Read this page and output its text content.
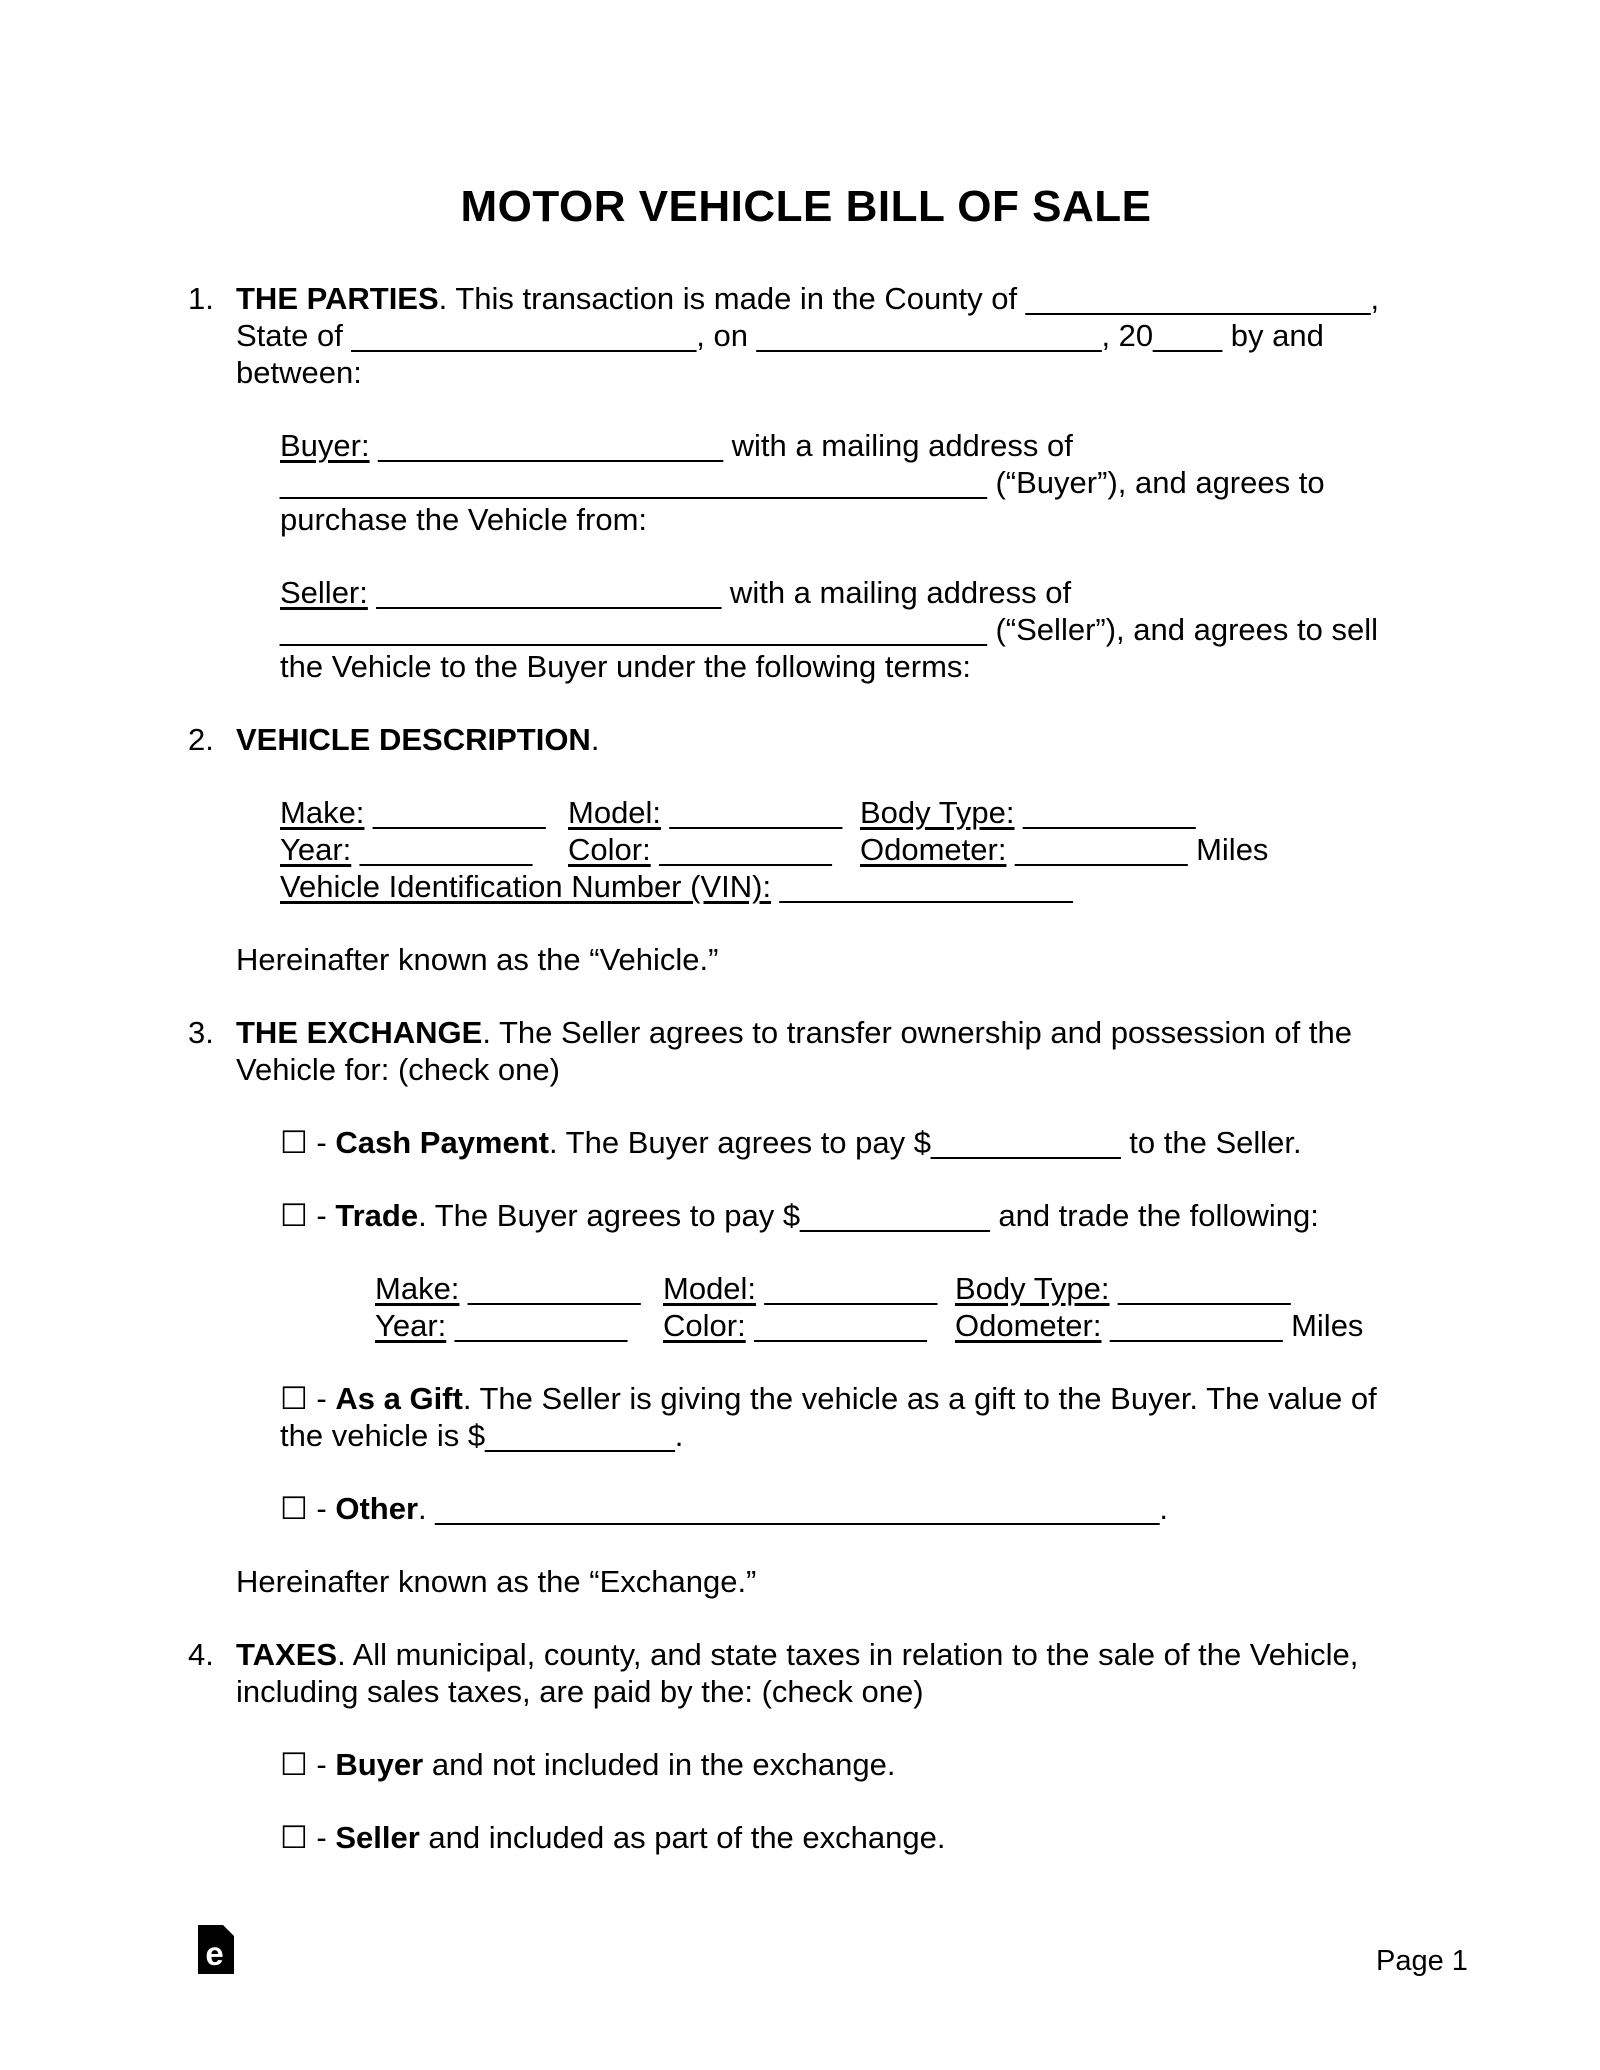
MOTOR VEHICLE BILL OF SALE
1. THE PARTIES. This transaction is made in the County of ____________________,
State of ____________________, on ____________________, 20____ by and
between:
Buyer: ____________________ with a mailing address of
_________________________________________ (“Buyer”), and agrees to
purchase the Vehicle from:
Seller: ____________________ with a mailing address of
_________________________________________ (“Seller”), and agrees to sell
the Vehicle to the Buyer under the following terms:
2. VEHICLE DESCRIPTION.
Make: __________ Model: __________ Body Type: __________
Year: __________ Color: __________ Odometer: __________ Miles
Vehicle Identification Number (VIN): _________________
Hereinafter known as the “Vehicle.”
3. THE EXCHANGE. The Seller agrees to transfer ownership and possession of the
Vehicle for: (check one)
☐ - Cash Payment. The Buyer agrees to pay $___________ to the Seller.
☐ - Trade. The Buyer agrees to pay $___________ and trade the following:
Make: __________ Model: __________ Body Type: __________
Year: __________ Color: __________ Odometer: __________ Miles
☐ - As a Gift. The Seller is giving the vehicle as a gift to the Buyer. The value of
the vehicle is $___________.
☐ - Other. __________________________________________.
Hereinafter known as the “Exchange.”
4. TAXES. All municipal, county, and state taxes in relation to the sale of the Vehicle,
including sales taxes, are paid by the: (check one)
☐ - Buyer and not included in the exchange.
☐ - Seller and included as part of the exchange.
e	Page 1
